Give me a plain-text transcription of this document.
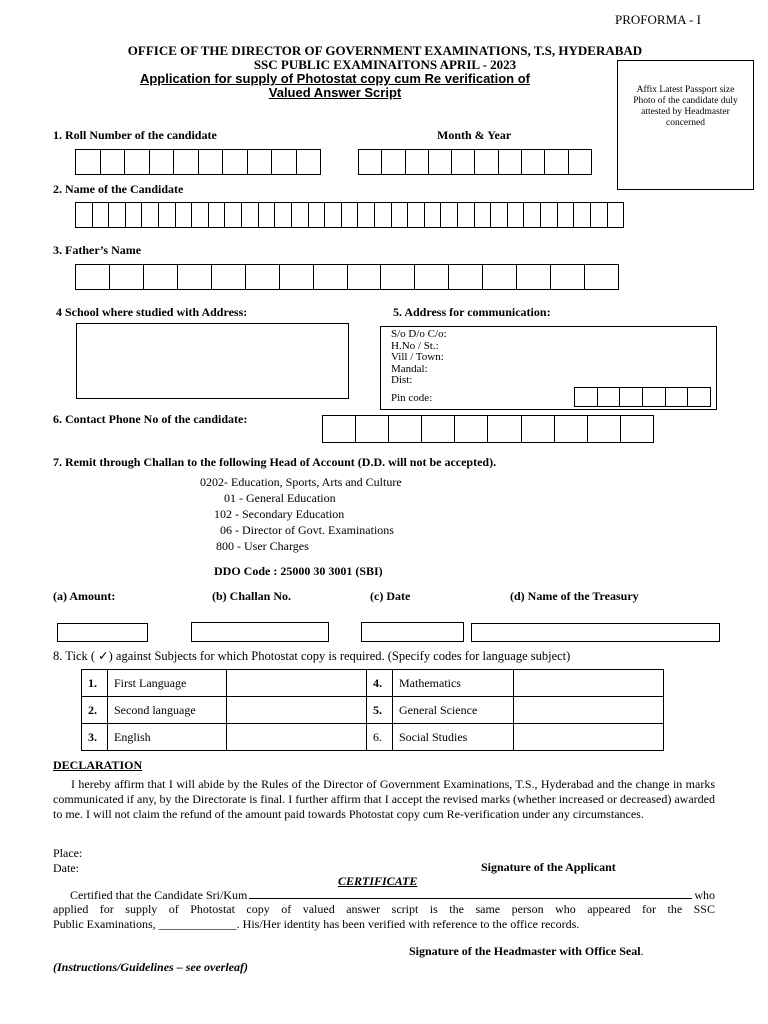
PROFORMA - I
OFFICE OF THE DIRECTOR OF GOVERNMENT EXAMINATIONS, T.S, HYDERABAD
SSC PUBLIC EXAMINAITONS APRIL - 2023
Application for supply of Photostat copy cum Re verification of
Valued Answer Script	Affix Latest Passport size Photo of the candidate duly attested by Headmaster concerned
1. Roll Number of the candidate	Month & Year
2. Name of the Candidate
3. Father’s Name
4 School where studied with Address:	5. Address for communication:
S/o D/o C/o:
H.No / St.:
Vill / Town:
Mandal:
Dist:
Pin code:
6. Contact Phone No of the candidate:
7. Remit through Challan to the following Head of Account (D.D. will not be accepted).
0202- Education, Sports, Arts and Culture
01 - General Education
102 - Secondary Education
06 - Director of Govt. Examinations
800 - User Charges
DDO Code : 25000 30 3001 (SBI)
(a) Amount:	(b) Challan No.	(c) Date	(d) Name of the Treasury
8. Tick ( ✓) against Subjects for which Photostat copy is required. (Specify codes for language subject)
1.	First Language		4.	Mathematics	
2.	Second language		5.	General Science	
3.	English		6.	Social Studies	
DECLARATION
I hereby affirm that I will abide by the Rules of the Director of Government Examinations, T.S., Hyderabad and the change in marks communicated if any, by the Directorate is final. I further affirm that I accept the revised marks (whether increased or decreased) awarded to me. I will not claim the refund of the amount paid towards Photostat copy cum Re-verification under any circumstances.
Place:
Date:	Signature of the Applicant
CERTIFICATE
Certified that the Candidate Sri/Kum	who
applied for supply of Photostat copy of valued answer script is the same person who appeared for the SSC
Public Examinations, _____________. His/Her identity has been verified with reference to the office records.
Signature of the Headmaster with Office Seal.
(Instructions/Guidelines – see overleaf)
